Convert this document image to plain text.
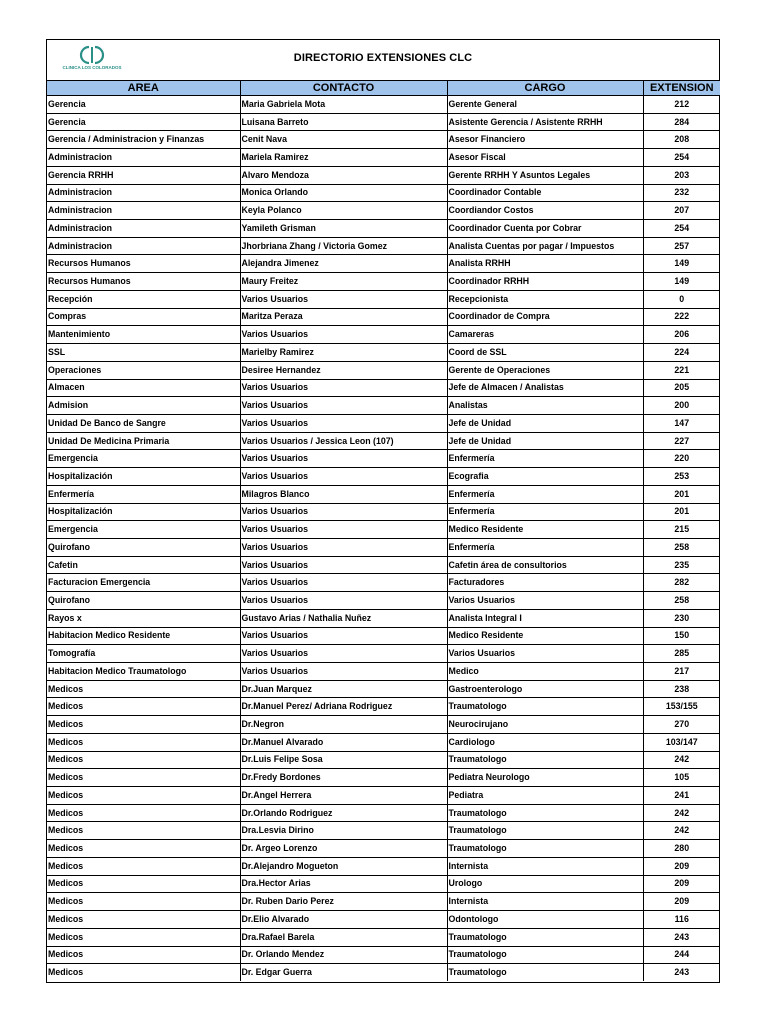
CLINICA LOS COLORADOS
DIRECTORIO EXTENSIONES CLC
AREA	CONTACTO	CARGO	EXTENSION
Gerencia	Maria Gabriela Mota	Gerente General	212
Gerencia	Luisana Barreto	Asistente Gerencia / Asistente RRHH	284
Gerencia / Administracion y Finanzas	Cenit Nava	Asesor Financiero	208
Administracion	Mariela Ramirez	Asesor Fiscal	254
Gerencia RRHH	Alvaro Mendoza	Gerente RRHH Y Asuntos Legales	203
Administracion	Monica Orlando	Coordinador Contable	232
Administracion	Keyla Polanco	Coordiandor Costos	207
Administracion	Yamileth Grisman	Coordinador Cuenta por Cobrar	254
Administracion	Jhorbriana Zhang / Victoria Gomez	Analista Cuentas por pagar / Impuestos	257
Recursos Humanos	Alejandra Jimenez	Analista RRHH	149
Recursos Humanos	Maury Freitez	Coordinador RRHH	149
Recepción	Varios Usuarios	Recepcionista	0
Compras	Maritza Peraza	Coordinador de Compra	222
Mantenimiento	Varios Usuarios	Camareras	206
SSL	Marielby Ramirez	Coord de SSL	224
Operaciones	Desiree Hernandez	Gerente de Operaciones	221
Almacen	Varios Usuarios	Jefe de Almacen / Analistas	205
Admision	Varios Usuarios	Analistas	200
Unidad De Banco de Sangre	Varios Usuarios	Jefe de Unidad	147
Unidad De Medicina Primaria	Varios Usuarios / Jessica Leon (107)	Jefe de Unidad	227
Emergencia	Varios Usuarios	Enfermería	220
Hospitalización	Varios Usuarios	Ecografia	253
Enfermería	Milagros Blanco	Enfermería	201
Hospitalización	Varios Usuarios	Enfermería	201
Emergencia	Varios Usuarios	Medico Residente	215
Quirofano	Varios Usuarios	Enfermería	258
Cafetin	Varios Usuarios	Cafetin área de consultorios	235
Facturacion Emergencia	Varios Usuarios	Facturadores	282
Quirofano	Varios Usuarios	Varios Usuarios	258
Rayos x	Gustavo Arias / Nathalia Nuñez	Analista Integral I	230
Habitacion Medico Residente	Varios Usuarios	Medico Residente	150
Tomografía	Varios Usuarios	Varios Usuarios	285
Habitacion Medico Traumatologo	Varios Usuarios	Medico	217
Medicos	Dr.Juan Marquez	Gastroenterologo	238
Medicos	Dr.Manuel Perez/ Adriana Rodriguez	Traumatologo	153/155
Medicos	Dr.Negron	Neurocirujano	270
Medicos	Dr.Manuel Alvarado	Cardiologo	103/147
Medicos	Dr.Luis Felipe Sosa	Traumatologo	242
Medicos	Dr.Fredy Bordones	Pediatra Neurologo	105
Medicos	Dr.Angel Herrera	Pediatra	241
Medicos	Dr.Orlando Rodriguez	Traumatologo	242
Medicos	Dra.Lesvia Dirino	Traumatologo	242
Medicos	Dr. Argeo Lorenzo	Traumatologo	280
Medicos	Dr.Alejandro Mogueton	Internista	209
Medicos	Dra.Hector Arias	Urologo	209
Medicos	Dr. Ruben Dario Perez	Internista	209
Medicos	Dr.Elio Alvarado	Odontologo	116
Medicos	Dra.Rafael Barela	Traumatologo	243
Medicos	Dr. Orlando Mendez	Traumatologo	244
Medicos	Dr. Edgar Guerra	Traumatologo	243
